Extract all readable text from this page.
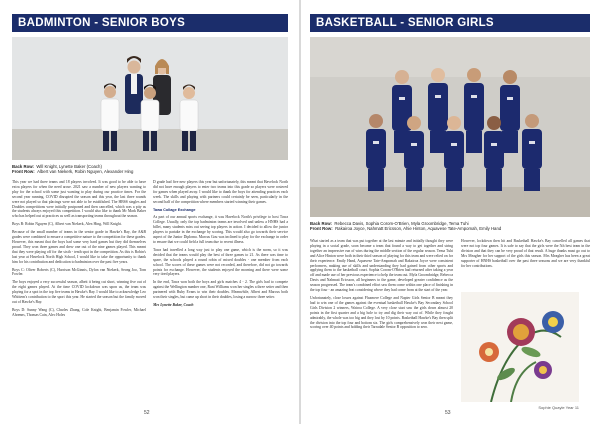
BADMINTON - SENIOR BOYS
Back Row: Will Knight, Lynette Baker (Coach)
Front Row: Albert van Niekerk, Robin Nguyen, Alexander Hing

This year we had three teams and 18 players involved. It was good to be able to have extra players for when the need arose. 2021 saw a number of new players wanting to play for the school with some just wanting to play during our practice times. For the second year running, COVID disrupted the season and this year, the last three rounds were not played so that placings were not able to be established. The HBSS singles and Doubles competitions were initially postponed and then cancelled, which was a pity as the students always enjoyed this competition. I would also like to thank Mr Mark Baker who has helped out at practices as well as transporting teams throughout the season.

Boys B: Robin Nguyen (C), Albert van Niekerk, Alex Hing, Will Knight.

Because of the small number of teams in the senior grade in Hawke's Bay, the A&B grades were combined to ensure a competitive nature to the competition for these grades. However, this meant that the boys had some very hard games but they did themselves proud. They won three games and drew one out of the nine games played. This meant that they were playing off for the sixth - tenth spot in the competition. As this is Robin's last year at Havelock North High School, I would like to take the opportunity to thank him for his contribution and dedication to badminton over the past five years.

Boys C: Oliver Roberts (C), Harrison McGinnis, Dylon van Niekerk, Seong Joo, Tom Fowler.

The boys enjoyed a very successful season, albeit it being cut short, winning five out of the eight games played. At the time COVID lockdown was upon us, the team was playing for a spot in the top five teams in Hawke's Bay. I would like to acknowledge Leo Whittem's contribution to the sport this year. He started the season but the family moved out of Hawke's Bay.

Boys D: Sunny Wang (C), Charles Zhang, Cole Knight, Benjamin Fowler, Michael Ahrenns, Thomas Cain, Alec Holes

D grade had five new players this year but unfortunately, this meant that Havelock North did not have enough players to enter two teams into this grade so players were rostered for games when played away. I would like to thank the boys for attending practices each week. The skills and playing with partners could certainly be seen, particularly in the second half of the competition where members started winning their games.

Tawa Collage Exchange

As part of our annual sports exchange, it was Havelock North's privilege to host Tawa College. Usually, only the top badminton teams are involved and unless a HNHS had a billet, many students miss out seeing top players in action. I decided to allow the junior players to partake in the exchange by scoring. This would also go towards their service aspect of the Junior Diploma. Marcus Gou was inclined to play for the exchange in order to ensure that we could field a full team due to recent illness.

Tawa had travelled a long way just to play one game, which is the norm, so it was decided that the teams would play the best of three games to 21. As there was time to spare, the schools played a round robin of mixed doubles - one member from each school. The scores of these games were not recorded, and therefore, did not go towards points for exchange. However, the students enjoyed the morning and there were some very tired players.

In the end, Tawa won both the boys and girls matches 4 - 2. The girls had to compete against the Wellington number one, Rani Williams won her singles a three setter and then partnered with Ruby Evans to win their doubles. Meanwhile, Albert and Marcus both won their singles, but came up short in their doubles, losing a narrow three setter.

Mrs Lynette Baker, Coach

52
BASKETBALL - SENIOR GIRLS
Back Row: Rebecca Davis, Sophia Corom-O'Brien, Myla Groombridge, Tema Tuhi
Front Row: Rakairoa Joyce, Nahmatt Ericsson, Ahie Hinton, Aquavese Tate-Ampomah, Emily Hand

What started as a team that was put together at the last minute and initially thought they were playing in a social grade, soon became a team that found a way to get together and string together an impressive run of wins during the middle section of the regular season. Tema Tuhi and Alice Hinton were both in their third season of playing for this team and were relied on for their experience. Emily Hand, Aquavese Tate-Ampomah and Rakairoa Joyce were consistent performers, making use of skills and understanding they had gained from other sports and applying them to the basketball court. Sophia Corom-O'Brien had returned after taking a year off and made use of her previous experience to help the team out. Myla Groombridge, Rebecca Davis and Nahmatt Ericsson, all beginners to the game, developed greater confidence as the season progressed. The team's combined effort saw them come within one place of finishing in the top four - an amazing feat considering where they had come from at the start of the year.

Unfortunately, close losses against Flaxmere College and Napier Girls Senior B meant they had to win one of the games against the eventual basketball Hawke's Bay Secondary School Girls Division 2 winners, Wairoa College. A very close start saw the girls down almost 20 points in the first quarter and a big hole to try and dig their way out of. While they fought admirably, the whole was too big and they lost by 10 points. Basketball Hawke's Bay then split the division into the top four and bottom six. The girls comprehensively won their next game, scoring over 40 points and holding their Tarradale Senior B opposition to zero.

However, lockdown then hit and Basketball Hawke's Bay cancelled all games that were not top four games. It is safe to say that the girls were the 5th best team in the division and that they can be very proud of that result. A huge thanks must go out to Mrs Meagher for her support of the girls this season. Mrs Meagher has been a great supporter of HNHS basketball over the past three seasons and we are very thankful for her contributions.

Sophie Quayle Year 11
53
